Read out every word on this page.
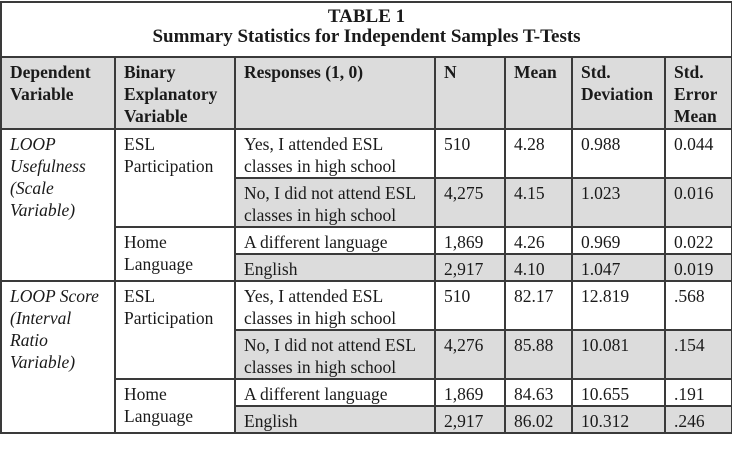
TABLE 1
Summary Statistics for Independent Samples T-Tests						

Dependent Variable	Binary Explanatory Variable	Responses (1, 0)	N	Mean	Std. Deviation	Std. Error Mean
LOOP Usefulness (Scale Variable)	ESL Participation	Yes, I attended ESL classes in high school	510	4.28	0.988	0.044
		No, I did not attend ESL classes in high school	4,275	4.15	1.023	0.016
	Home Language	A different language	1,869	4.26	0.969	0.022
		English	2,917	4.10	1.047	0.019
LOOP Score (Interval Ratio Variable)	ESL Participation	Yes, I attended ESL classes in high school	510	82.17	12.819	.568
		No, I did not attend ESL classes in high school	4,276	85.88	10.081	.154
	Home Language	A different language	1,869	84.63	10.655	.191
		English	2,917	86.02	10.312	.246
